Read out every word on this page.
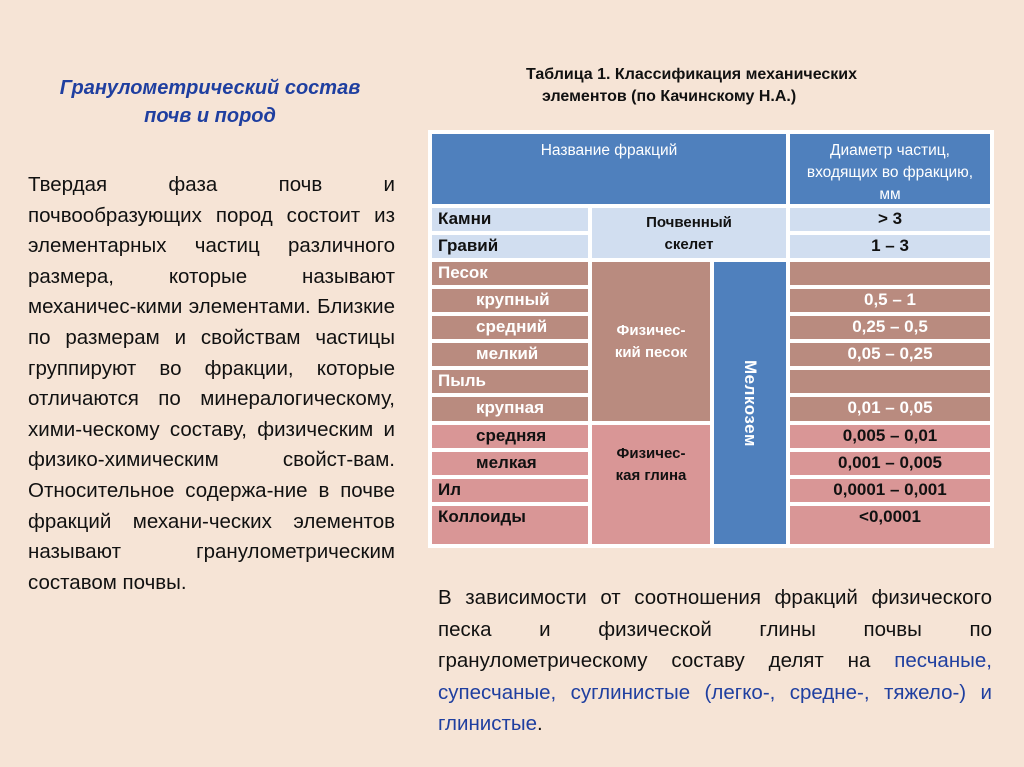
Гранулометрический состав
почв и пород

Твердая фаза почв и почвообразующих пород состоит из элементарных частиц различного размера, которые называют механичес-кими элементами. Близкие по размерам и свойствам частицы группируют во фракции, которые отличаются по минералогическому, хими-ческому составу, физическим и физико-химическим свойст-вам. Относительное содержа-ние в почве фракций механи-ческих элементов называют гранулометрическим составом почвы.

Таблица 1. Классификация механических
элементов (по Качинскому Н.А.)
Название фракций	Диаметр частиц, входящих во фракцию, мм
Камни	> 3
Гравий	1 – 3
Почвенный скелет
Песок
крупный	0,5 – 1
средний	0,25 – 0,5
мелкий	0,05 – 0,25
Пыль
крупная	0,01 – 0,05
Физичес-кий песок
средняя	0,005 – 0,01
мелкая	0,001 – 0,005
Ил	0,0001 – 0,001
Коллоиды	<0,0001
Физичес-кая глина
Мелкозем
В зависимости от соотношения фракций физического песка и физической глины почвы по гранулометрическому составу делят на песчаные, супесчаные, суглинистые (легко-, средне-, тяжело-) и глинистые.
